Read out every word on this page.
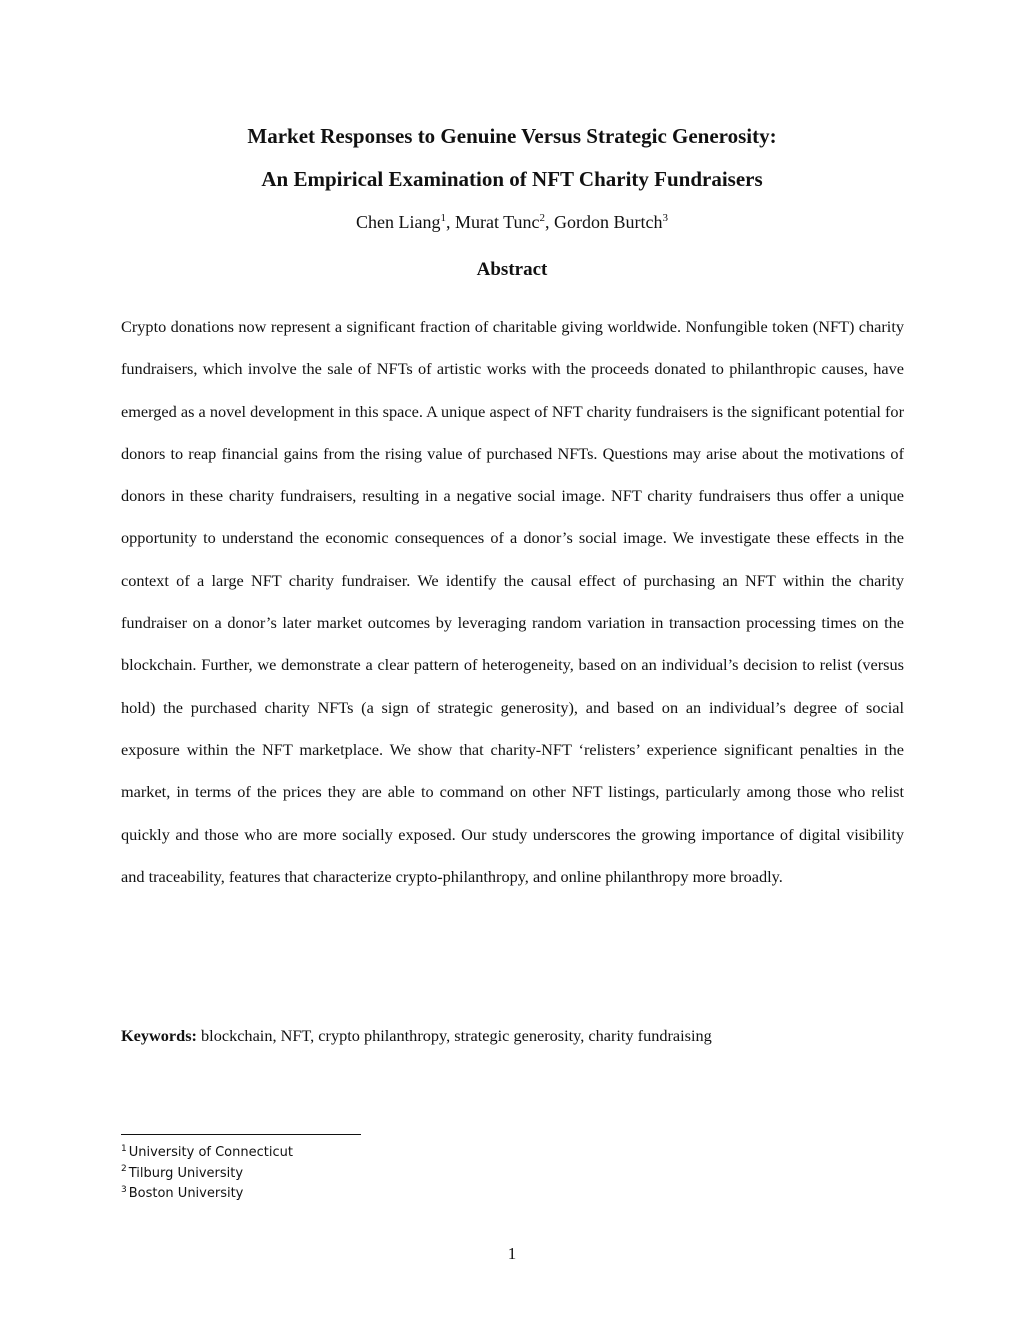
Market Responses to Genuine Versus Strategic Generosity:
An Empirical Examination of NFT Charity Fundraisers
Chen Liang$^1$, Murat Tunc$^2$, Gordon Burtch$^3$
Abstract

Crypto donations now represent a significant fraction of charitable giving worldwide. Nonfungible token (NFT) charity fundraisers, which involve the sale of NFTs of artistic works with the proceeds donated to philanthropic causes, have emerged as a novel development in this space. A unique aspect of NFT charity fundraisers is the significant potential for donors to reap financial gains from the rising value of purchased NFTs. Questions may arise about the motivations of donors in these charity fundraisers, resulting in a negative social image. NFT charity fundraisers thus offer a unique opportunity to understand the economic consequences of a donor’s social image. We investigate these effects in the context of a large NFT charity fundraiser. We identify the causal effect of purchasing an NFT within the charity fundraiser on a donor’s later market outcomes by leveraging random variation in transaction processing times on the blockchain. Further, we demonstrate a clear pattern of heterogeneity, based on an individual’s decision to relist (versus hold) the purchased charity NFTs (a sign of strategic generosity), and based on an individual’s degree of social exposure within the NFT marketplace. We show that charity-NFT ‘relisters’ experience significant penalties in the market, in terms of the prices they are able to command on other NFT listings, particularly among those who relist quickly and those who are more socially exposed. Our study underscores the growing importance of digital visibility and traceability, features that characterize crypto-philanthropy, and online philanthropy more broadly.

Keywords: blockchain, NFT, crypto philanthropy, strategic generosity, charity fundraising

$^1$ University of Connecticut
$^2$ Tilburg University
$^3$ Boston University
1
